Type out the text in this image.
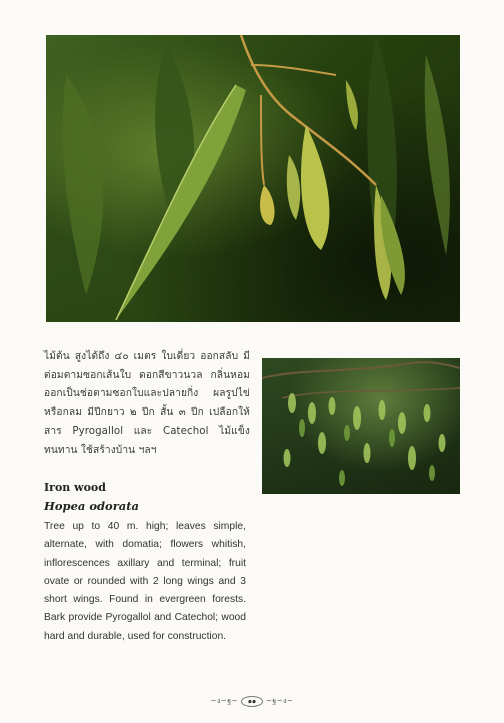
ไม้ต้น สูงได้ถึง ๔๐ เมตร ใบเดี่ยว ออกสลับ มีต่อมตามซอกเส้นใบ ดอกสีขาวนวล กลิ่นหอม ออกเป็นช่อตามซอกใบและปลายกิ่ง ผลรูปไข่หรือกลม มีปีกยาว ๒ ปีก สั้น ๓ ปีก เปลือกให้สาร Pyrogallol และ Catechol ไม้แข็งทนทาน ใช้สร้างบ้าน ฯลฯ
Iron wood
Hopea odorata
Tree up to 40 m. high; leaves simple, alternate, with domatia; flowers whitish, inflorescences axillary and terminal; fruit ovate or rounded with 2 long wings and 3 short wings. Found in evergreen forests. Bark provide Pyrogallol and Catechol; wood hard and durable, used for construction.
~ง~ฐ~	๑๑	~ฐ~ง~
